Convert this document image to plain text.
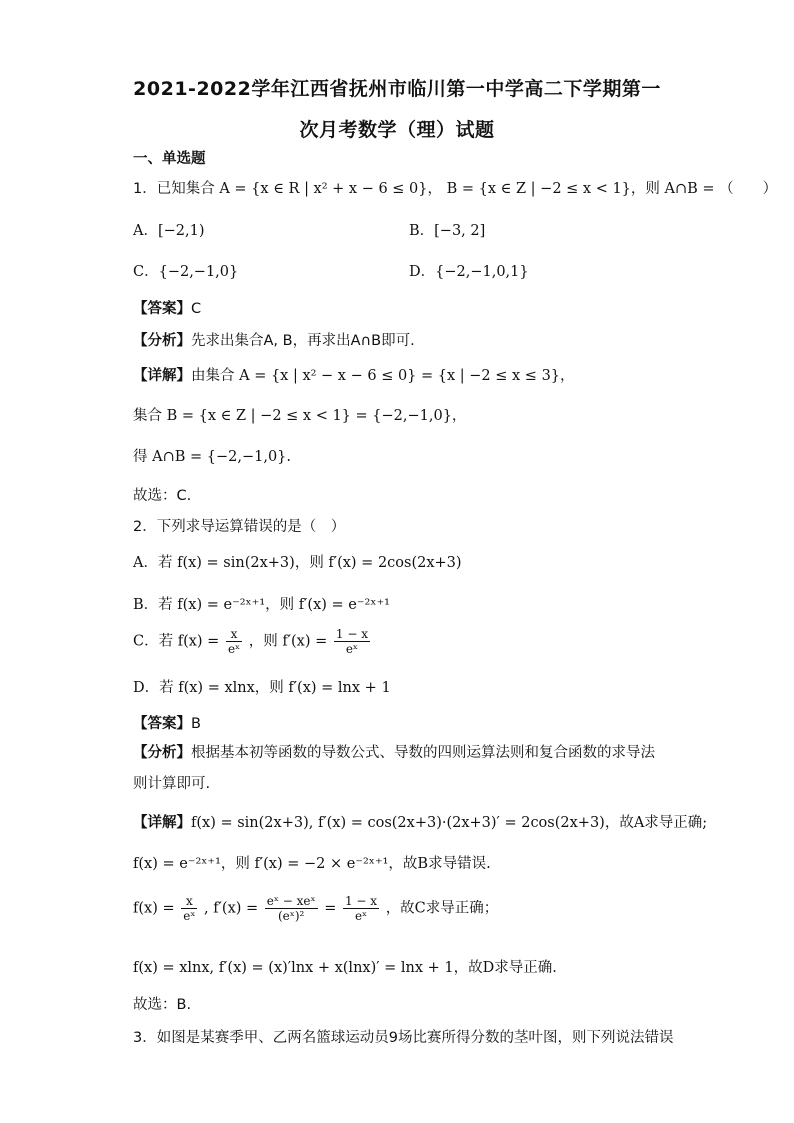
2021-2022学年江西省抚州市临川第一中学高二下学期第一
次月考数学（理）试题
一、单选题
1．已知集合 A = {x ∈ R | x² + x − 6 ≤ 0}， B = {x ∈ Z | −2 ≤ x < 1}，则 A∩B = （　　）
A．[−2,1)	B．[−3, 2]
C．{−2,−1,0}	D．{−2,−1,0,1}
【答案】C
【分析】先求出集合A, B，再求出A∩B即可.
【详解】由集合 A = {x | x² − x − 6 ≤ 0} = {x | −2 ≤ x ≤ 3}，
集合 B = {x ∈ Z | −2 ≤ x < 1} = {−2,−1,0}，
得 A∩B = {−2,−1,0}.
故选：C.
2．下列求导运算错误的是（　）
A．若 f(x) = sin(2x+3)，则 f′(x) = 2cos(2x+3)
B．若 f(x) = e⁻²ˣ⁺¹，则 f′(x) = e⁻²ˣ⁺¹
C．若 $f(x) = \frac{x}{\text{eˣ}}$ ，则 $f'(x) = \frac{1 - x}{\text{eˣ}}$
D．若 f(x) = xlnx，则 f′(x) = lnx + 1
【答案】B
【分析】根据基本初等函数的导数公式、导数的四则运算法则和复合函数的求导法则计算即可.
【详解】f(x) = sin(2x+3), f′(x) = cos(2x+3)·(2x+3)′ = 2cos(2x+3)，故A求导正确;
f(x) = e⁻²ˣ⁺¹，则 f′(x) = −2 × e⁻²ˣ⁺¹，故B求导错误.
$f(x) = \frac{x}{\text{eˣ}}$ , $f'(x) = \frac{\text{eˣ − xeˣ}}{\text{(eˣ)²}} = \frac{1 - x}{\text{eˣ}}$ ，故C求导正确；
f(x) = xlnx, f′(x) = (x)′lnx + x(lnx)′ = lnx + 1，故D求导正确.
故选：B.
3．如图是某赛季甲、乙两名篮球运动员9场比赛所得分数的茎叶图，则下列说法错误
